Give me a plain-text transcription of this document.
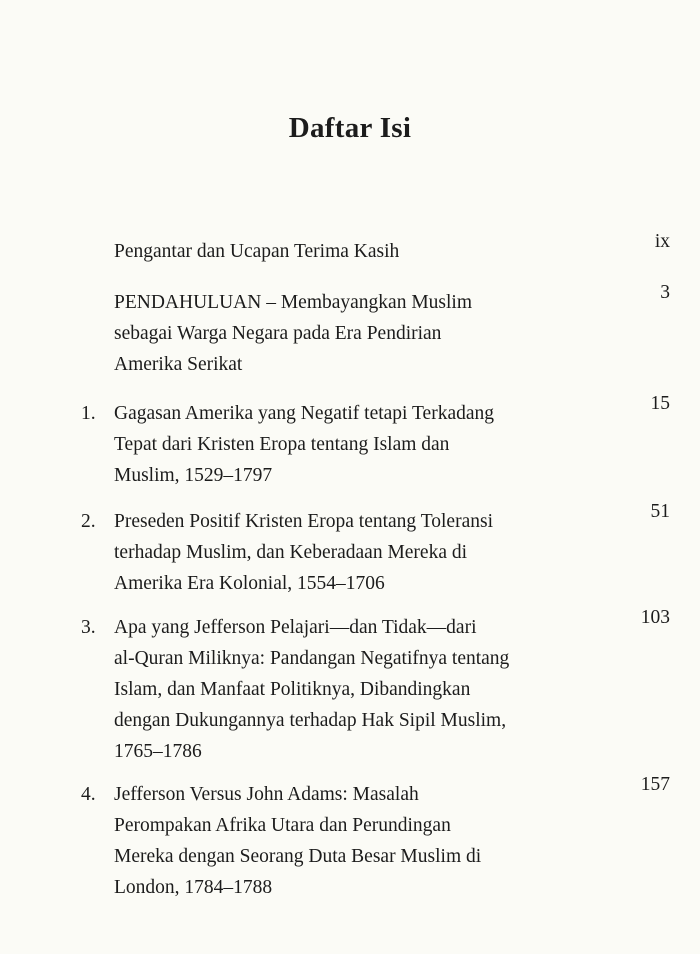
Daftar Isi
Pengantar dan Ucapan Terima Kasih	ix
PENDAHULUAN – Membayangkan Muslim
sebagai Warga Negara pada Era Pendirian
Amerika Serikat
3
1. Gagasan Amerika yang Negatif tetapi Terkadang
Tepat dari Kristen Eropa tentang Islam dan
Muslim, 1529–1797
15
2. Preseden Positif Kristen Eropa tentang Toleransi
terhadap Muslim, dan Keberadaan Mereka di
Amerika Era Kolonial, 1554–1706
51
3. Apa yang Jefferson Pelajari—dan Tidak—dari
al-Quran Miliknya: Pandangan Negatifnya tentang
Islam, dan Manfaat Politiknya, Dibandingkan
dengan Dukungannya terhadap Hak Sipil Muslim,
1765–1786
103
4. Jefferson Versus John Adams: Masalah
Perompakan Afrika Utara dan Perundingan
Mereka dengan Seorang Duta Besar Muslim di
London, 1784–1788
157
